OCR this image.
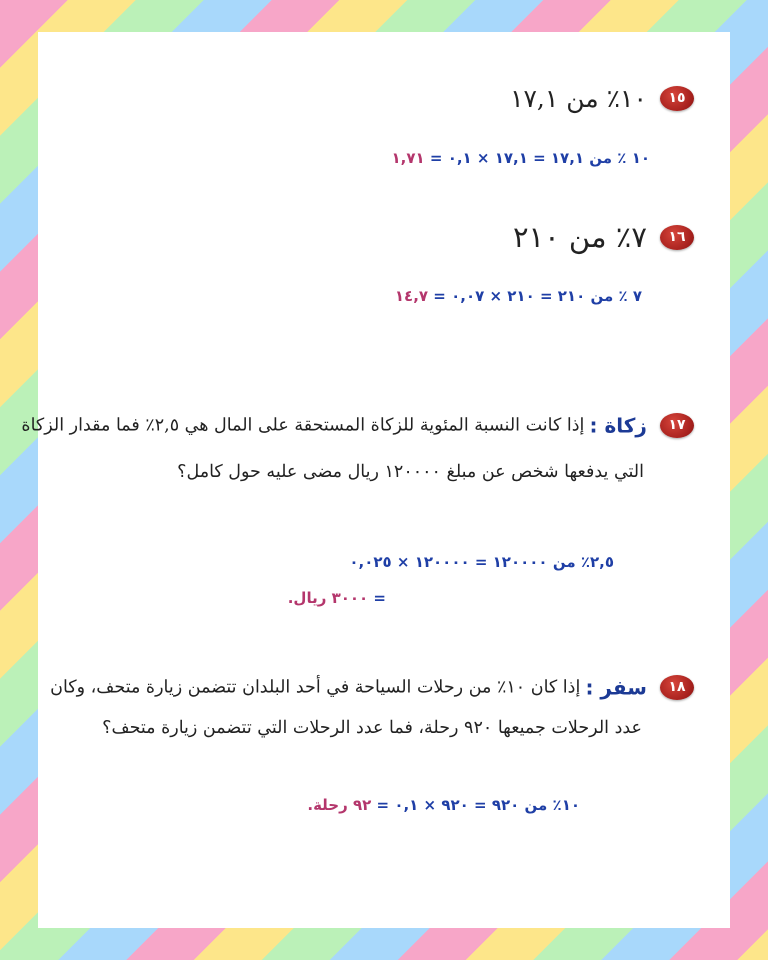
١٥ ١٠٪ من ١٧,١
١٠ ٪ من ١٧,١ = ١٧,١ × ٠,١ = ١,٧١
١٦ ٧٪ من ٢١٠
٧ ٪ من ٢١٠ = ٢١٠ × ٠,٠٧ = ١٤,٧
١٧ زكاة : إذا كانت النسبة المئوية للزكاة المستحقة على المال هي ٢,٥٪ فما مقدار الزكاة
التي يدفعها شخص عن مبلغ ١٢٠٠٠٠ ريال مضى عليه حول كامل؟
٢,٥٪ من ١٢٠٠٠٠ = ١٢٠٠٠٠ × ٠,٠٢٥
= ٣٠٠٠ ريال.
١٨ سفر : إذا كان ١٠٪ من رحلات السياحة في أحد البلدان تتضمن زيارة متحف، وكان
عدد الرحلات جميعها ٩٢٠ رحلة، فما عدد الرحلات التي تتضمن زيارة متحف؟
١٠٪ من ٩٢٠ = ٩٢٠ × ٠,١ = ٩٢ رحلة.
